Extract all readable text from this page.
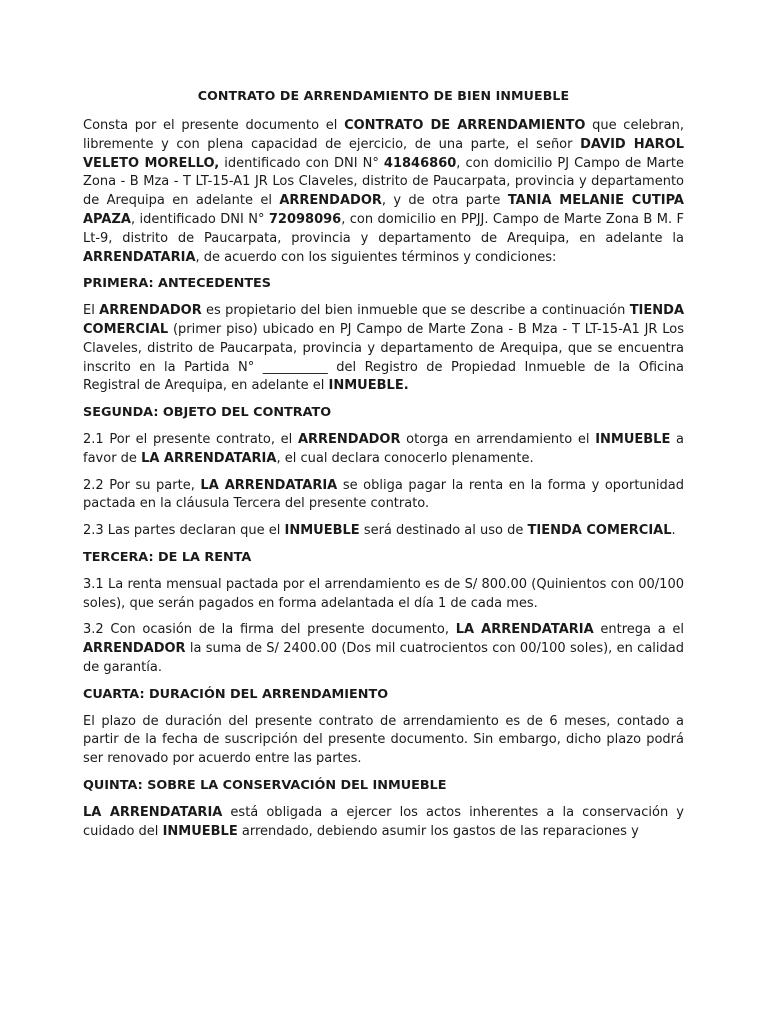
CONTRATO DE ARRENDAMIENTO DE BIEN INMUEBLE

Consta por el presente documento el CONTRATO DE ARRENDAMIENTO que celebran, libremente y con plena capacidad de ejercicio, de una parte, el señor DAVID HAROL VELETO MORELLO, identificado con DNI N° 41846860, con domicilio PJ Campo de Marte Zona - B Mza - T LT-15-A1 JR Los Claveles, distrito de Paucarpata, provincia y departamento de Arequipa en adelante el ARRENDADOR, y de otra parte TANIA MELANIE CUTIPA APAZA, identificado DNI N° 72098096, con domicilio en PPJJ. Campo de Marte Zona B M. F Lt-9, distrito de Paucarpata, provincia y departamento de Arequipa, en adelante la ARRENDATARIA, de acuerdo con los siguientes términos y condiciones:

PRIMERA: ANTECEDENTES

El ARRENDADOR es propietario del bien inmueble que se describe a continuación TIENDA COMERCIAL (primer piso) ubicado en PJ Campo de Marte Zona - B Mza - T LT-15-A1 JR Los Claveles, distrito de Paucarpata, provincia y departamento de Arequipa, que se encuentra inscrito en la Partida N° __________ del Registro de Propiedad Inmueble de la Oficina Registral de Arequipa, en adelante el INMUEBLE.

SEGUNDA: OBJETO DEL CONTRATO

2.1 Por el presente contrato, el ARRENDADOR otorga en arrendamiento el INMUEBLE a favor de LA ARRENDATARIA, el cual declara conocerlo plenamente.

2.2 Por su parte, LA ARRENDATARIA se obliga pagar la renta en la forma y oportunidad pactada en la cláusula Tercera del presente contrato.

2.3 Las partes declaran que el INMUEBLE será destinado al uso de TIENDA COMERCIAL.

TERCERA: DE LA RENTA

3.1 La renta mensual pactada por el arrendamiento es de S/ 800.00 (Quinientos con 00/100 soles), que serán pagados en forma adelantada el día 1 de cada mes.

3.2 Con ocasión de la firma del presente documento, LA ARRENDATARIA entrega a el ARRENDADOR la suma de S/ 2400.00 (Dos mil cuatrocientos con 00/100 soles), en calidad de garantía.

CUARTA: DURACIÓN DEL ARRENDAMIENTO

El plazo de duración del presente contrato de arrendamiento es de 6 meses, contado a partir de la fecha de suscripción del presente documento. Sin embargo, dicho plazo podrá ser renovado por acuerdo entre las partes.

QUINTA: SOBRE LA CONSERVACIÓN DEL INMUEBLE

LA ARRENDATARIA está obligada a ejercer los actos inherentes a la conservación y cuidado del INMUEBLE arrendado, debiendo asumir los gastos de las reparaciones y
